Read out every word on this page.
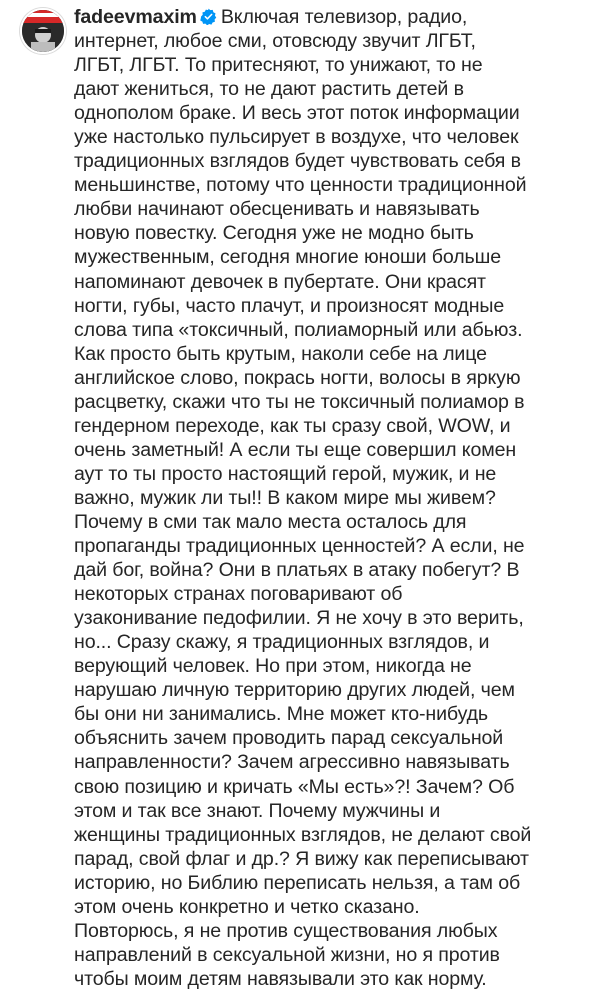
fadeevmaxim Включая телевизор, радио,
интернет, любое сми, отовсюду звучит ЛГБТ,
ЛГБТ, ЛГБТ. То притесняют, то унижают, то не
дают жениться, то не дают растить детей в
однополом браке. И весь этот поток информации
уже настолько пульсирует в воздухе, что человек
традиционных взглядов будет чувствовать себя в
меньшинстве, потому что ценности традиционной
любви начинают обесценивать и навязывать
новую повестку. Сегодня уже не модно быть
мужественным, сегодня многие юноши больше
напоминают девочек в пубертате. Они красят
ногти, губы, часто плачут, и произносят модные
слова типа «токсичный, полиаморный или абьюз.
Как просто быть крутым, наколи себе на лице
английское слово, покрась ногти, волосы в яркую
расцветку, скажи что ты не токсичный полиамор в
гендерном переходе, как ты сразу свой, WOW, и
очень заметный! А если ты еще совершил комен
аут то ты просто настоящий герой, мужик, и не
важно, мужик ли ты!! В каком мире мы живем?
Почему в сми так мало места осталось для
пропаганды традиционных ценностей? А если, не
дай бог, война? Они в платьях в атаку побегут? В
некоторых странах поговаривают об
узаконивание педофилии. Я не хочу в это верить,
но... Сразу скажу, я традиционных взглядов, и
верующий человек. Но при этом, никогда не
нарушаю личную территорию других людей, чем
бы они ни занимались. Мне может кто-нибудь
объяснить зачем проводить парад сексуальной
направленности? Зачем агрессивно навязывать
свою позицию и кричать «Мы есть»?! Зачем? Об
этом и так все знают. Почему мужчины и
женщины традиционных взглядов, не делают свой
парад, свой флаг и др.? Я вижу как переписывают
историю, но Библию переписать нельзя, а там об
этом очень конкретно и четко сказано.
Повторюсь, я не против существования любых
направлений в сексуальной жизни, но я против
чтобы моим детям навязывали это как норму.
